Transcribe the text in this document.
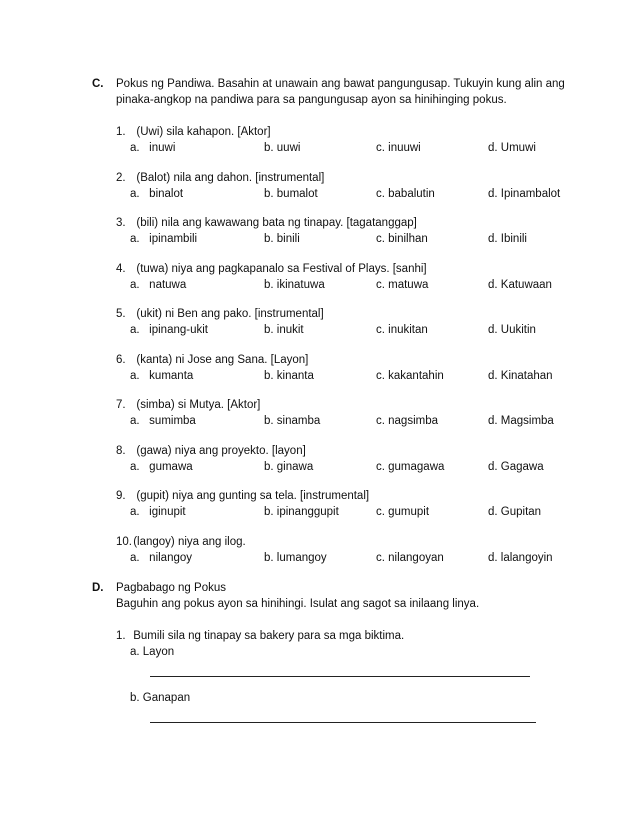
C. Pokus ng Pandiwa. Basahin at unawain ang bawat pangungusap. Tukuyin kung alin ang
pinaka-angkop na pandiwa para sa pangungusap ayon sa hinihinging pokus.
1. (Uwi) sila kahapon. [Aktor]
a.   inuwi	b. uuwi	c. inuuwi	d. Umuwi
2. (Balot) nila ang dahon. [instrumental]
a.   binalot	b. bumalot	c. babalutin	d. Ipinambalot
3. (bili) nila ang kawawang bata ng tinapay. [tagatanggap]
a.   ipinambili	b. binili	c. binilhan	d. Ibinili
4. (tuwa) niya ang pagkapanalo sa Festival of Plays. [sanhi]
a.   natuwa	b. ikinatuwa	c. matuwa	d. Katuwaan
5. (ukit) ni Ben ang pako. [instrumental]
a.   ipinang-ukit	b. inukit	c. inukitan	d. Uukitin
6. (kanta) ni Jose ang Sana. [Layon]
a.   kumanta	b. kinanta	c. kakantahin	d. Kinatahan
7. (simba) si Mutya. [Aktor]
a.   sumimba	b. sinamba	c. nagsimba	d. Magsimba
8. (gawa) niya ang proyekto. [layon]
a.   gumawa	b. ginawa	c. gumagawa	d. Gagawa
9. (gupit) niya ang gunting sa tela. [instrumental]
a.   iginupit	b. ipinanggupit	c. gumupit	d. Gupitan
10. (langoy) niya ang ilog.
a.   nilangoy	b. lumangoy	c. nilangoyan	d. lalangoyin
D. Pagbabago ng Pokus
Baguhin ang pokus ayon sa hinihingi. Isulat ang sagot sa inilaang linya.
1. Bumili sila ng tinapay sa bakery para sa mga biktima.
a. Layon
b. Ganapan
